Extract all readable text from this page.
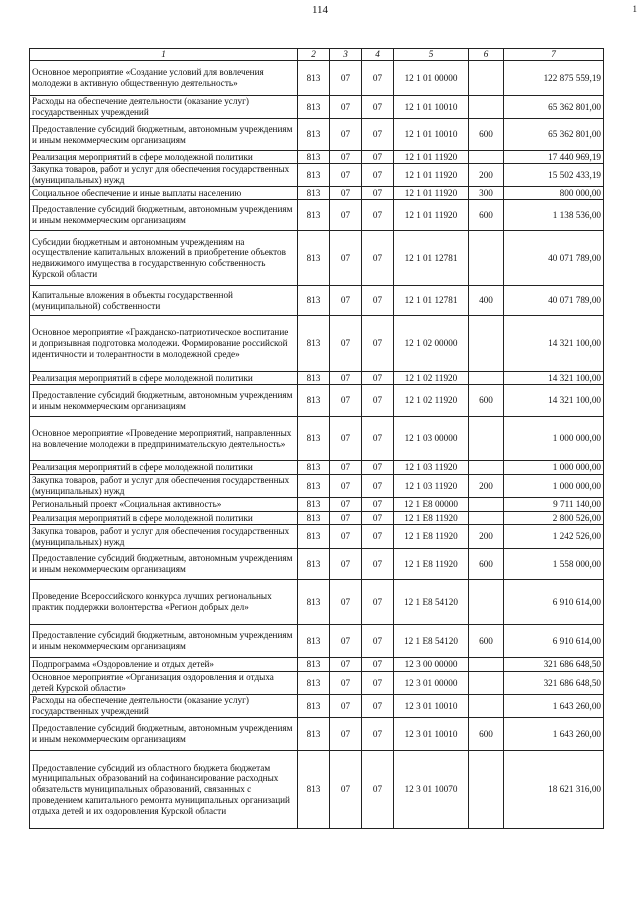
114	1
1	2	3	4	5	6	7
Основное мероприятие «Создание условий для вовлечения молодежи в активную общественную деятельность»	813	07	07	12 1 01 00000		122 875 559,19
Расходы на обеспечение деятельности (оказание услуг) государственных учреждений	813	07	07	12 1 01 10010		65 362 801,00
Предоставление субсидий бюджетным, автономным учреждениям и иным некоммерческим организациям	813	07	07	12 1 01 10010	600	65 362 801,00
Реализация мероприятий в сфере молодежной политики	813	07	07	12 1 01 11920		17 440 969,19
Закупка товаров, работ и услуг для обеспечения государственных (муниципальных) нужд	813	07	07	12 1 01 11920	200	15 502 433,19
Социальное обеспечение и иные выплаты населению	813	07	07	12 1 01 11920	300	800 000,00
Предоставление субсидий бюджетным, автономным учреждениям и иным некоммерческим организациям	813	07	07	12 1 01 11920	600	1 138 536,00
Субсидии бюджетным и автономным учреждениям на осуществление капитальных вложений в приобретение объектов недвижимого имущества в государственную собственность Курской области	813	07	07	12 1 01 12781		40 071 789,00
Капитальные вложения в объекты государственной (муниципальной) собственности	813	07	07	12 1 01 12781	400	40 071 789,00
Основное мероприятие «Гражданско-патриотическое воспитание и допризывная подготовка молодежи. Формирование российской идентичности и толерантности в молодежной среде»	813	07	07	12 1 02 00000		14 321 100,00
Реализация мероприятий в сфере молодежной политики	813	07	07	12 1 02 11920		14 321 100,00
Предоставление субсидий бюджетным, автономным учреждениям и иным некоммерческим организациям	813	07	07	12 1 02 11920	600	14 321 100,00
Основное мероприятие «Проведение мероприятий, направленных на вовлечение молодежи в предпринимательскую деятельность»	813	07	07	12 1 03 00000		1 000 000,00
Реализация мероприятий в сфере молодежной политики	813	07	07	12 1 03 11920		1 000 000,00
Закупка товаров, работ и услуг для обеспечения государственных (муниципальных) нужд	813	07	07	12 1 03 11920	200	1 000 000,00
Региональный проект «Социальная активность»	813	07	07	12 1 E8 00000		9 711 140,00
Реализация мероприятий в сфере молодежной политики	813	07	07	12 1 E8 11920		2 800 526,00
Закупка товаров, работ и услуг для обеспечения государственных (муниципальных) нужд	813	07	07	12 1 E8 11920	200	1 242 526,00
Предоставление субсидий бюджетным, автономным учреждениям и иным некоммерческим организациям	813	07	07	12 1 E8 11920	600	1 558 000,00
Проведение Всероссийского конкурса лучших региональных практик поддержки волонтерства «Регион добрых дел»	813	07	07	12 1 E8 54120		6 910 614,00
Предоставление субсидий бюджетным, автономным учреждениям и иным некоммерческим организациям	813	07	07	12 1 E8 54120	600	6 910 614,00
Подпрограмма «Оздоровление и отдых детей»	813	07	07	12 3 00 00000		321 686 648,50
Основное мероприятие «Организация оздоровления и отдыха детей Курской области»	813	07	07	12 3 01 00000		321 686 648,50
Расходы на обеспечение деятельности (оказание услуг) государственных учреждений	813	07	07	12 3 01 10010		1 643 260,00
Предоставление субсидий бюджетным, автономным учреждениям и иным некоммерческим организациям	813	07	07	12 3 01 10010	600	1 643 260,00
Предоставление субсидий из областного бюджета бюджетам муниципальных образований на софинансирование расходных обязательств муниципальных образований, связанных с проведением капитального ремонта муниципальных организаций отдыха детей и их оздоровления Курской области	813	07	07	12 3 01 10070		18 621 316,00
